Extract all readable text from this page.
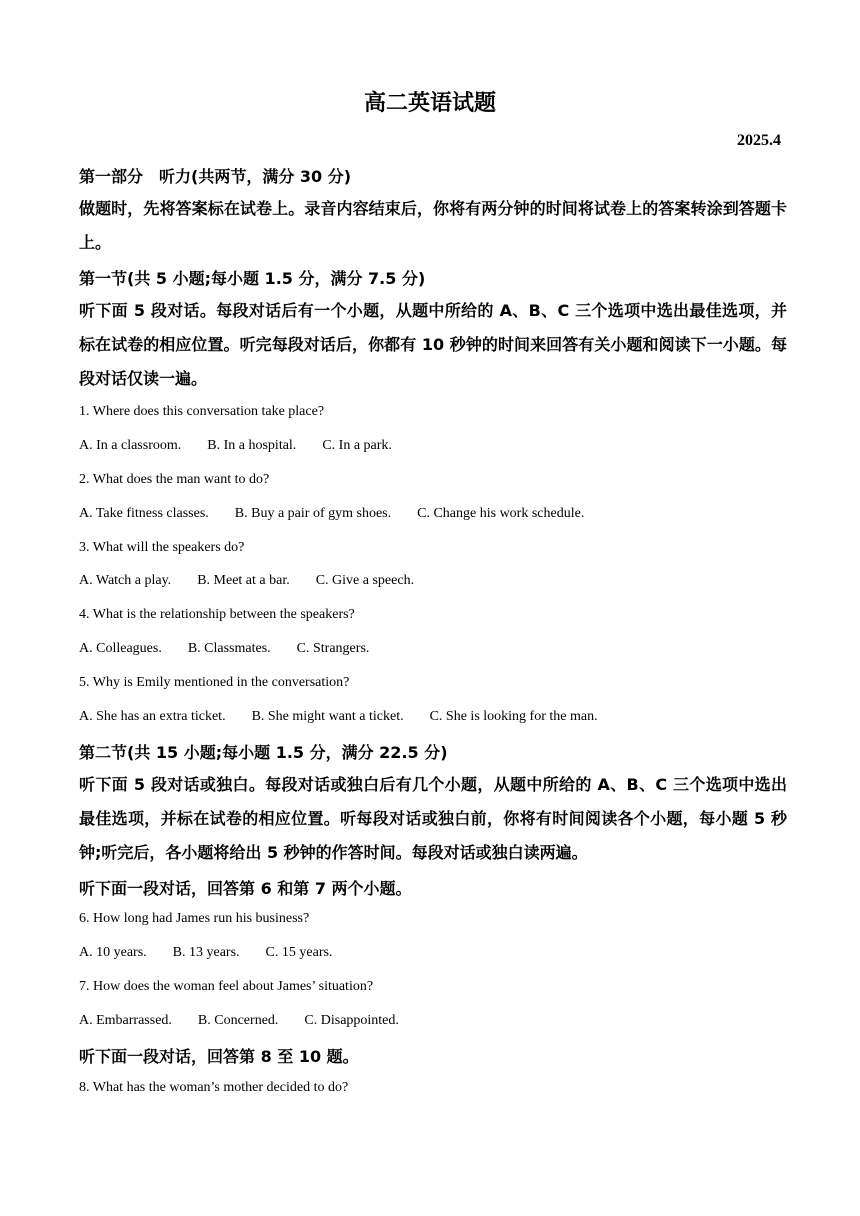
高二英语试题
2025.4
第一部分　听力(共两节，满分 30 分)
做题时，先将答案标在试卷上。录音内容结束后，你将有两分钟的时间将试卷上的答案转涂到答题卡上。
第一节(共 5 小题;每小题 1.5 分，满分 7.5 分)
听下面 5 段对话。每段对话后有一个小题，从题中所给的 A、B、C 三个选项中选出最佳选项，并标在试卷的相应位置。听完每段对话后，你都有 10 秒钟的时间来回答有关小题和阅读下一小题。每段对话仅读一遍。
1. Where does this conversation take place?
A. In a classroom. B. In a hospital. C. In a park.
2. What does the man want to do?
A. Take fitness classes. B. Buy a pair of gym shoes. C. Change his work schedule.
3. What will the speakers do?
A. Watch a play. B. Meet at a bar. C. Give a speech.
4. What is the relationship between the speakers?
A. Colleagues. B. Classmates. C. Strangers.
5. Why is Emily mentioned in the conversation?
A. She has an extra ticket. B. She might want a ticket. C. She is looking for the man.
第二节(共 15 小题;每小题 1.5 分，满分 22.5 分)
听下面 5 段对话或独白。每段对话或独白后有几个小题，从题中所给的 A、B、C 三个选项中选出最佳选项，并标在试卷的相应位置。听每段对话或独白前，你将有时间阅读各个小题，每小题 5 秒钟;听完后，各小题将给出 5 秒钟的作答时间。每段对话或独白读两遍。
听下面一段对话，回答第 6 和第 7 两个小题。
6. How long had James run his business?
A. 10 years. B. 13 years. C. 15 years.
7. How does the woman feel about James’ situation?
A. Embarrassed. B. Concerned. C. Disappointed.
听下面一段对话，回答第 8 至 10 题。
8. What has the woman’s mother decided to do?
